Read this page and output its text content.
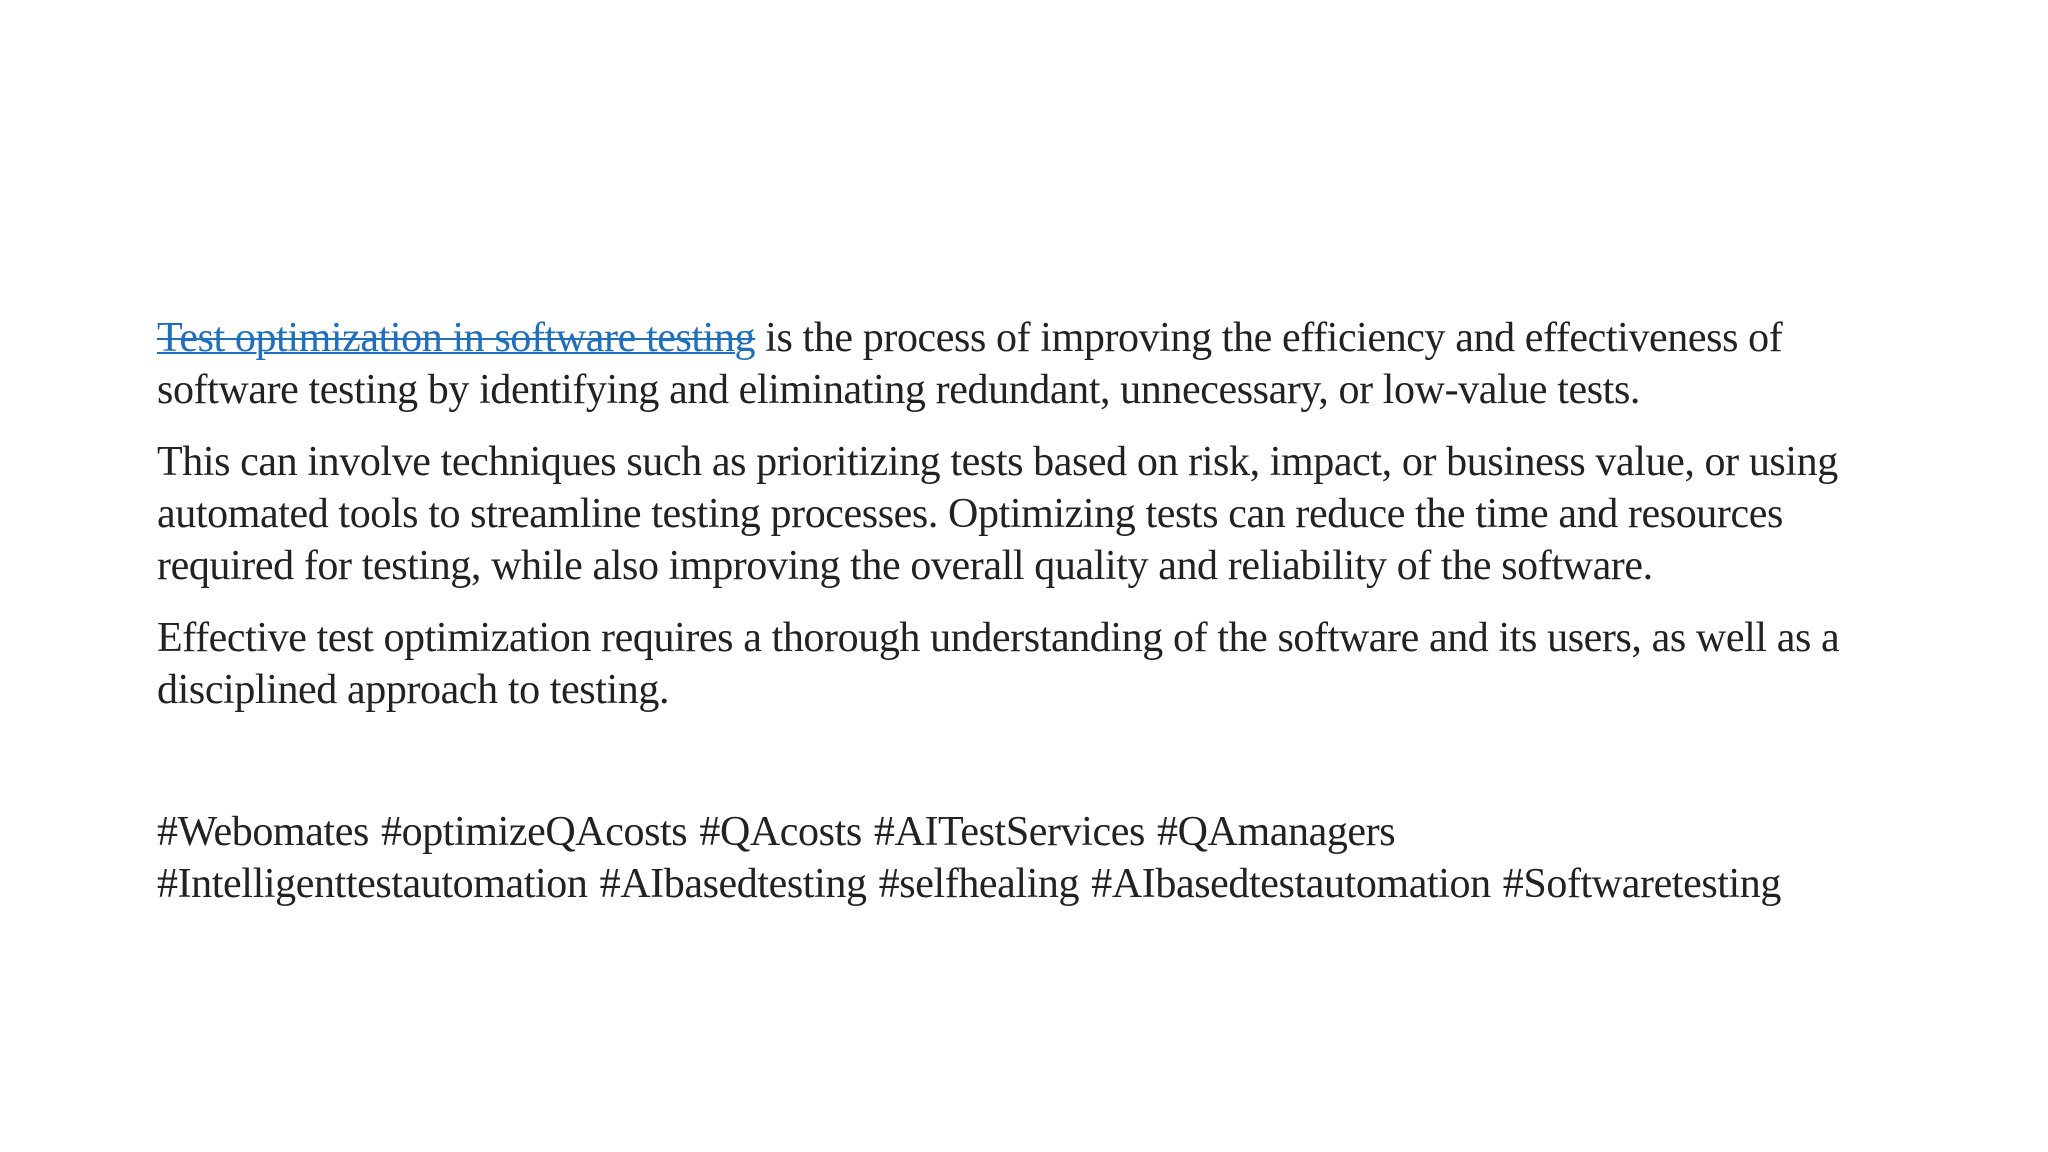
Test optimization in software testing is the process of improving the efficiency and effectiveness of software testing by identifying and eliminating redundant, unnecessary, or low-value tests.

This can involve techniques such as prioritizing tests based on risk, impact, or business value, or using automated tools to streamline testing processes. Optimizing tests can reduce the time and resources required for testing, while also improving the overall quality and reliability of the software.

Effective test optimization requires a thorough understanding of the software and its users, as well as a disciplined approach to testing.

#Webomates #optimizeQAcosts #QAcosts #AITestServices #QAmanagers
#Intelligenttestautomation #AIbasedtesting #selfhealing #AIbasedtestautomation #Softwaretesting
